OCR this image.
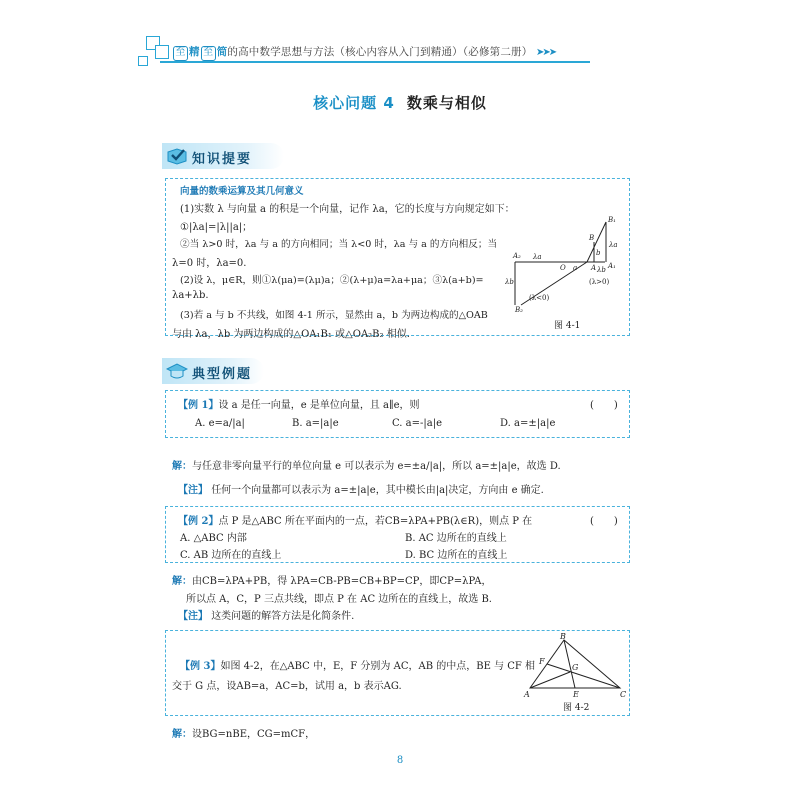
至 精 至 简的高中数学思想与方法（核心内容从入门到精通）（必修第二册） ➤➤➤
核心问题 4 数乘与相似
知识提要
向量的数乘运算及其几何意义
(1)实数 λ 与向量 a 的积是一个向量，记作 λa，它的长度与方向规定如下：
①|λa|=|λ||a|；
②当 λ>0 时，λa 与 a 的方向相同；当 λ<0 时，λa 与 a 的方向相反；当
λ=0 时，λa=0.
(2)设 λ，μ∈R，则①λ(μa)=(λμ)a；②(λ+μ)a=λa+μa；③λ(a+b)=
λa+λb.
(3)若 a 与 b 不共线，如图 4-1 所示，显然由 a，b 为两边构成的△OAB
与由 λa，λb 为两边构成的△OA₁B₁ 或△OA₂B₂ 相似.
B₁
B
A₂
A₁
O	A
B₂
λa
a
b
λb
λa
λb
(λ<0)
(λ>0)
图 4-1
典型例题
【例 1】设 a 是任一向量，e 是单位向量，且 a∥e，则	(　　)
A. e=a/|a|	B. a=|a|e	C. a=-|a|e	D. a=±|a|e
解：与任意非零向量平行的单位向量 e 可以表示为 e=±a/|a|，所以 a=±|a|e，故选 D.
【注】 任何一个向量都可以表示为 a=±|a|e，其中模长由|a|决定，方向由 e 确定.
【例 2】点 P 是△ABC 所在平面内的一点，若CB=λPA+PB(λ∈R)，则点 P 在	(　　)
A. △ABC 内部	B. AC 边所在的直线上
C. AB 边所在的直线上	D. BC 边所在的直线上
解：由CB=λPA+PB，得 λPA=CB-PB=CB+BP=CP，即CP=λPA，
所以点 A，C，P 三点共线，即点 P 在 AC 边所在的直线上，故选 B.
【注】 这类问题的解答方法是化简条件.
【例 3】如图 4-2，在△ABC 中，E，F 分别为 AC，AB 的中点，BE 与 CF 相
交于 G 点，设AB=a，AC=b，试用 a，b 表示AG.
B
F
G
A	E	C
图 4-2
解：设BG=nBE，CG=mCF，
8
